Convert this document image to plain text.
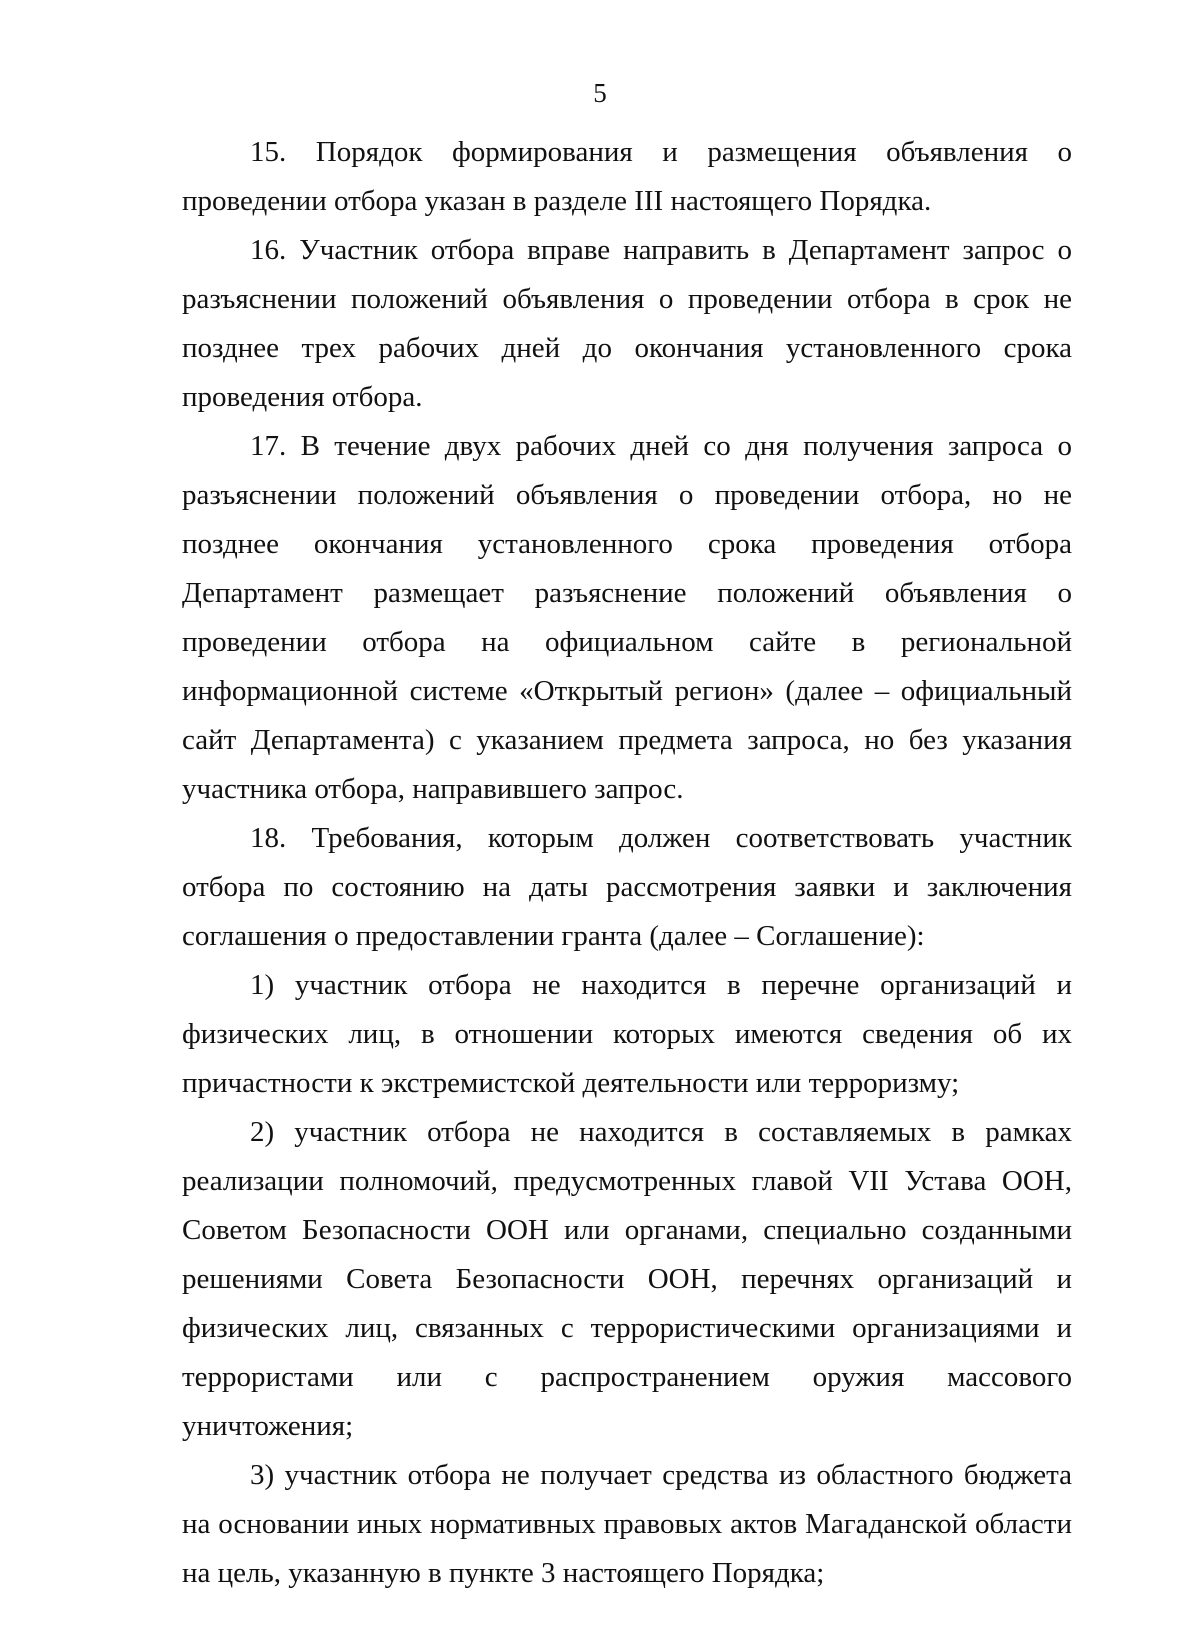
5

15. Порядок формирования и размещения объявления о проведении отбора указан в разделе III настоящего Порядка.

16. Участник отбора вправе направить в Департамент запрос о разъяснении положений объявления о проведении отбора в срок не позднее трех рабочих дней до окончания установленного срока проведения отбора.

17. В течение двух рабочих дней со дня получения запроса о разъяснении положений объявления о проведении отбора, но не позднее окончания установленного срока проведения отбора Департамент размещает разъяснение положений объявления о проведении отбора на официальном сайте в региональной информационной системе «Открытый регион» (далее – официальный сайт Департамента) с указанием предмета запроса, но без указания участника отбора, направившего запрос.

18. Требования, которым должен соответствовать участник отбора по состоянию на даты рассмотрения заявки и заключения соглашения о предоставлении гранта (далее – Соглашение):

1) участник отбора не находится в перечне организаций и физических лиц, в отношении которых имеются сведения об их причастности к экстремистской деятельности или терроризму;

2) участник отбора не находится в составляемых в рамках реализации полномочий, предусмотренных главой VII Устава ООН, Советом Безопасности ООН или органами, специально созданными решениями Совета Безопасности ООН, перечнях организаций и физических лиц, связанных с террористическими организациями и террористами или с распространением оружия массового уничтожения;

3) участник отбора не получает средства из областного бюджета на основании иных нормативных правовых актов Магаданской области на цель, указанную в пункте 3 настоящего Порядка;
